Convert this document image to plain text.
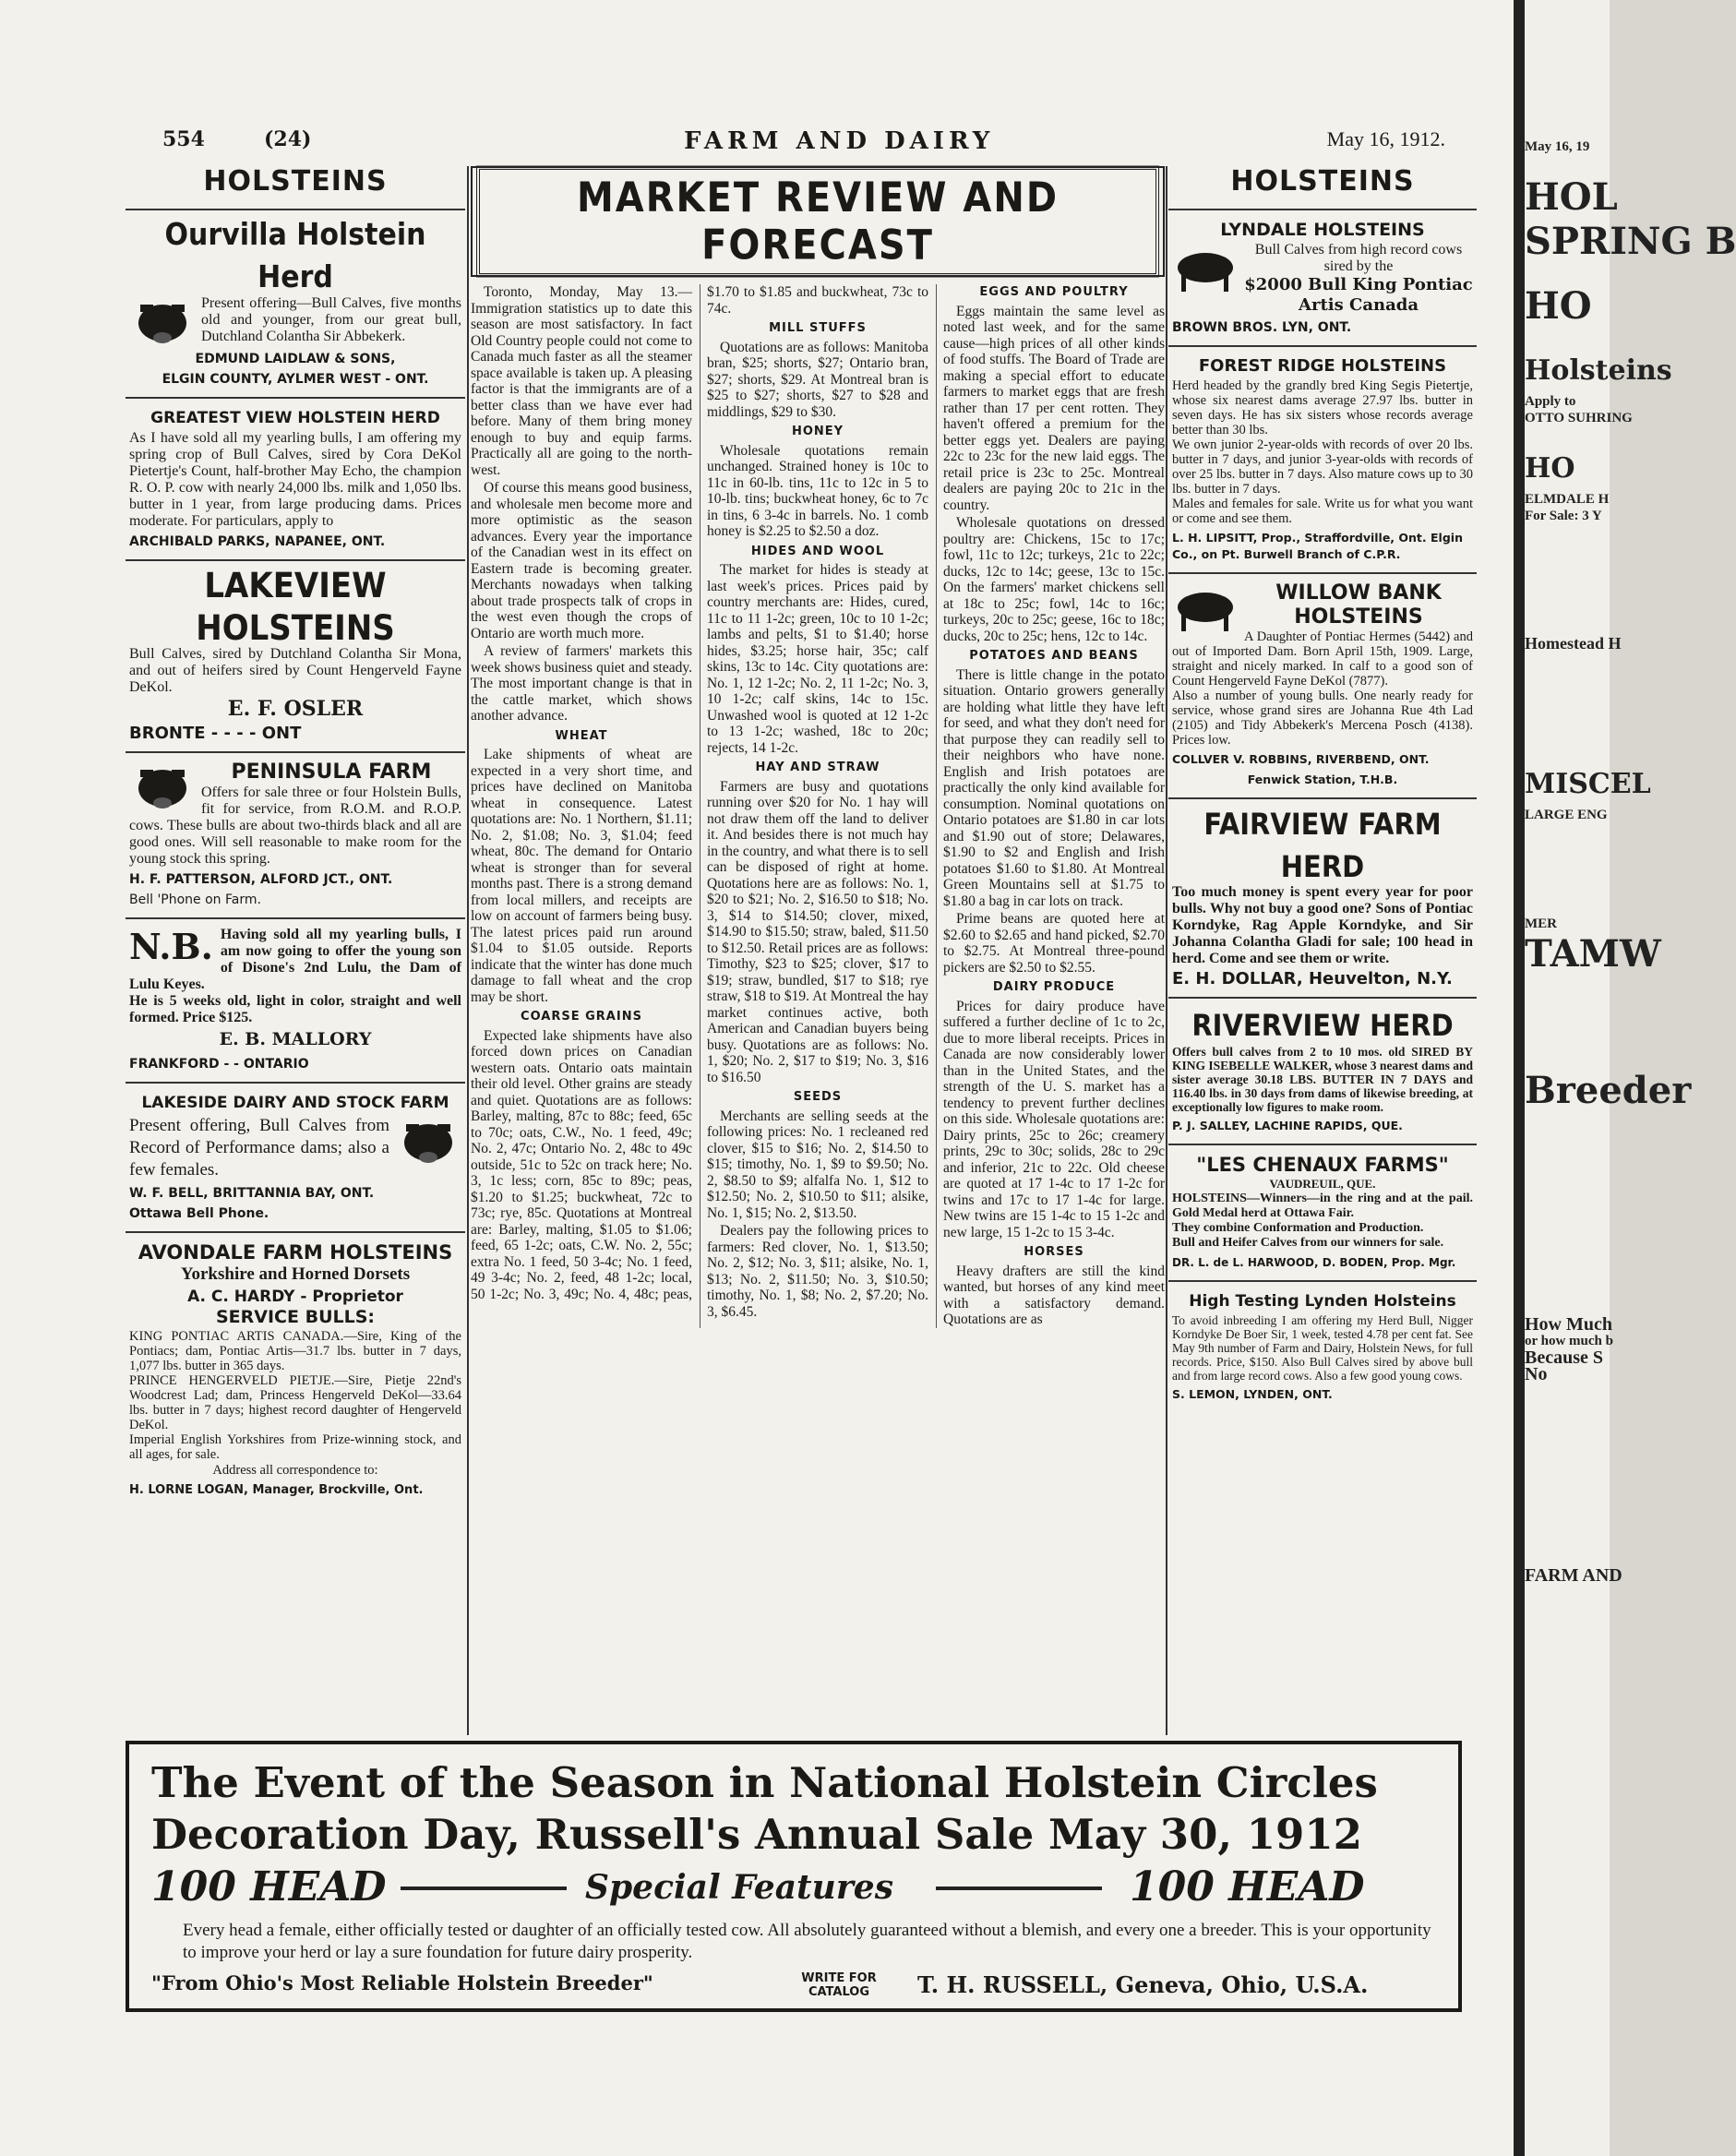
554	(24)	FARM AND DAIRY	May 16, 1912.
HOLSTEINS
Ourvilla Holstein Herd

Present offering—Bull Calves, five months old and younger, from our great bull, Dutchland Colantha Sir Abbekerk.

EDMUND LAIDLAW & SONS,
ELGIN COUNTY, AYLMER WEST - ONT.
GREATEST VIEW HOLSTEIN HERD

As I have sold all my yearling bulls, I am offering my spring crop of Bull Calves, sired by Cora DeKol Pietertje's Count, half-brother May Echo, the champion R. O. P. cow with nearly 24,000 lbs. milk and 1,050 lbs. butter in 1 year, from large producing dams. Prices moderate. For particulars, apply to

ARCHIBALD PARKS, NAPANEE, ONT.
LAKEVIEW HOLSTEINS

Bull Calves, sired by Dutchland Colantha Sir Mona, and out of heifers sired by Count Hengerveld Fayne DeKol.

E. F. OSLER
BRONTE - - - - ONT
PENINSULA FARM

Offers for sale three or four Holstein Bulls, fit for service, from R.O.M. and R.O.P. cows. These bulls are about two-thirds black and all are good ones. Will sell reasonable to make room for the young stock this spring.

H. F. PATTERSON, ALFORD JCT., ONT.
Bell 'Phone on Farm.
N.B. Having sold all my yearling bulls, I am now going to offer the young son of Disone's 2nd Lulu, the Dam of Lulu Keyes.

He is 5 weeks old, light in color, straight and well formed. Price $125.

E. B. MALLORY
FRANKFORD - - ONTARIO
LAKESIDE DAIRY AND STOCK FARM

Present offering, Bull Calves from Record of Performance dams; also a few females.

W. F. BELL, BRITTANNIA BAY, ONT.
Ottawa Bell Phone.
AVONDALE FARM HOLSTEINS
Yorkshire and Horned Dorsets
A. C. HARDY - Proprietor
SERVICE BULLS:

KING PONTIAC ARTIS CANADA.—Sire, King of the Pontiacs; dam, Pontiac Artis—31.7 lbs. butter in 7 days, 1,077 lbs. butter in 365 days.

PRINCE HENGERVELD PIETJE.—Sire, Pietje 22nd's Woodcrest Lad; dam, Princess Hengerveld DeKol—33.64 lbs. butter in 7 days; highest record daughter of Hengerveld DeKol.

Imperial English Yorkshires from Prize-winning stock, and all ages, for sale.

Address all correspondence to:

H. LORNE LOGAN, Manager, Brockville, Ont.
MARKET REVIEW AND FORECAST

Toronto, Monday, May 13.—Immigration statistics up to date this season are most satisfactory. In fact Old Country people could not come to Canada much faster as all the steamer space available is taken up. A pleasing factor is that the immigrants are of a better class than we have ever had before. Many of them bring money enough to buy and equip farms. Practically all are going to the north-west.

Of course this means good business, and wholesale men become more and more optimistic as the season advances. Every year the importance of the Canadian west in its effect on Eastern trade is becoming greater. Merchants nowadays when talking about trade prospects talk of crops in the west even though the crops of Ontario are worth much more.

A review of farmers' markets this week shows business quiet and steady. The most important change is that in the cattle market, which shows another advance.

WHEAT

Lake shipments of wheat are expected in a very short time, and prices have declined on Manitoba wheat in consequence. Latest quotations are: No. 1 Northern, $1.11; No. 2, $1.08; No. 3, $1.04; feed wheat, 80c. The demand for Ontario wheat is stronger than for several months past. There is a strong demand from local millers, and receipts are low on account of farmers being busy. The latest prices paid run around $1.04 to $1.05 outside. Reports indicate that the winter has done much damage to fall wheat and the crop may be short.

COARSE GRAINS

Expected lake shipments have also forced down prices on Canadian western oats. Ontario oats maintain their old level. Other grains are steady and quiet. Quotations are as follows: Barley, malting, 87c to 88c; feed, 65c to 70c; oats, C.W., No. 1 feed, 49c; No. 2, 47c; Ontario No. 2, 48c to 49c outside, 51c to 52c on track here; No. 3, 1c less; corn, 85c to 89c; peas, $1.20 to $1.25; buckwheat, 72c to 73c; rye, 85c. Quotations at Montreal are: Barley, malting, $1.05 to $1.06; feed, 65 1-2c; oats, C.W. No. 2, 55c; extra No. 1 feed, 50 3-4c; No. 1 feed, 49 3-4c; No. 2, feed, 48 1-2c; local, 50 1-2c; No. 3, 49c; No. 4, 48c; peas, $1.70 to $1.85 and buckwheat, 73c to 74c.

MILL STUFFS

Quotations are as follows: Manitoba bran, $25; shorts, $27; Ontario bran, $27; shorts, $29. At Montreal bran is $25 to $27; shorts, $27 to $28 and middlings, $29 to $30.

HONEY

Wholesale quotations remain unchanged. Strained honey is 10c to 11c in 60-lb. tins, 11c to 12c in 5 to 10-lb. tins; buckwheat honey, 6c to 7c in tins, 6 3-4c in barrels. No. 1 comb honey is $2.25 to $2.50 a doz.

HIDES AND WOOL

The market for hides is steady at last week's prices. Prices paid by country merchants are: Hides, cured, 11c to 11 1-2c; green, 10c to 10 1-2c; lambs and pelts, $1 to $1.40; horse hides, $3.25; horse hair, 35c; calf skins, 13c to 14c. City quotations are: No. 1, 12 1-2c; No. 2, 11 1-2c; No. 3, 10 1-2c; calf skins, 14c to 15c. Unwashed wool is quoted at 12 1-2c to 13 1-2c; washed, 18c to 20c; rejects, 14 1-2c.

HAY AND STRAW

Farmers are busy and quotations running over $20 for No. 1 hay will not draw them off the land to deliver it. And besides there is not much hay in the country, and what there is to sell can be disposed of right at home. Quotations here are as follows: No. 1, $20 to $21; No. 2, $16.50 to $18; No. 3, $14 to $14.50; clover, mixed, $14.90 to $15.50; straw, baled, $11.50 to $12.50. Retail prices are as follows: Timothy, $23 to $25; clover, $17 to $19; straw, bundled, $17 to $18; rye straw, $18 to $19. At Montreal the hay market continues active, both American and Canadian buyers being busy. Quotations are as follows: No. 1, $20; No. 2, $17 to $19; No. 3, $16 to $16.50

SEEDS

Merchants are selling seeds at the following prices: No. 1 recleaned red clover, $15 to $16; No. 2, $14.50 to $15; timothy, No. 1, $9 to $9.50; No. 2, $8.50 to $9; alfalfa No. 1, $12 to $12.50; No. 2, $10.50 to $11; alsike, No. 1, $15; No. 2, $13.50.

Dealers pay the following prices to farmers: Red clover, No. 1, $13.50; No. 2, $12; No. 3, $11; alsike, No. 1, $13; No. 2, $11.50; No. 3, $10.50; timothy, No. 1, $8; No. 2, $7.20; No. 3, $6.45.

EGGS AND POULTRY

Eggs maintain the same level as noted last week, and for the same cause—high prices of all other kinds of food stuffs. The Board of Trade are making a special effort to educate farmers to market eggs that are fresh rather than 17 per cent rotten. They haven't offered a premium for the better eggs yet. Dealers are paying 22c to 23c for the new laid eggs. The retail price is 23c to 25c. Montreal dealers are paying 20c to 21c in the country.

Wholesale quotations on dressed poultry are: Chickens, 15c to 17c; fowl, 11c to 12c; turkeys, 21c to 22c; ducks, 12c to 14c; geese, 13c to 15c. On the farmers' market chickens sell at 18c to 25c; fowl, 14c to 16c; turkeys, 20c to 25c; geese, 16c to 18c; ducks, 20c to 25c; hens, 12c to 14c.

POTATOES AND BEANS

There is little change in the potato situation. Ontario growers generally are holding what little they have left for seed, and what they don't need for that purpose they can readily sell to their neighbors who have none. English and Irish potatoes are practically the only kind available for consumption. Nominal quotations on Ontario potatoes are $1.80 in car lots and $1.90 out of store; Delawares, $1.90 to $2 and English and Irish potatoes $1.60 to $1.80. At Montreal Green Mountains sell at $1.75 to $1.80 a bag in car lots on track.

Prime beans are quoted here at $2.60 to $2.65 and hand picked, $2.70 to $2.75. At Montreal three-pound pickers are $2.50 to $2.55.

DAIRY PRODUCE

Prices for dairy produce have suffered a further decline of 1c to 2c, due to more liberal receipts. Prices in Canada are now considerably lower than in the United States, and the strength of the U. S. market has a tendency to prevent further declines on this side. Wholesale quotations are: Dairy prints, 25c to 26c; creamery prints, 29c to 30c; solids, 28c to 29c and inferior, 21c to 22c. Old cheese are quoted at 17 1-4c to 17 1-2c for twins and 17c to 17 1-4c for large. New twins are 15 1-4c to 15 1-2c and new large, 15 1-2c to 15 3-4c.

HORSES

Heavy drafters are still the kind wanted, but horses of any kind meet with a satisfactory demand. Quotations are as

HOLSTEINS
LYNDALE HOLSTEINS

Bull Calves from high record cows sired by the

$2000 Bull King Pontiac Artis Canada
BROWN BROS. LYN, ONT.
FOREST RIDGE HOLSTEINS

Herd headed by the grandly bred King Segis Pietertje, whose six nearest dams average 27.97 lbs. butter in seven days. He has six sisters whose records average better than 30 lbs.

We own junior 2-year-olds with records of over 20 lbs. butter in 7 days, and junior 3-year-olds with records of over 25 lbs. butter in 7 days. Also mature cows up to 30 lbs. butter in 7 days.

Males and females for sale. Write us for what you want or come and see them.

L. H. LIPSITT, Prop., Straffordville, Ont. Elgin Co., on Pt. Burwell Branch of C.P.R.
WILLOW BANK HOLSTEINS

A Daughter of Pontiac Hermes (5442) and out of Imported Dam. Born April 15th, 1909. Large, straight and nicely marked. In calf to a good son of Count Hengerveld Fayne DeKol (7877).

Also a number of young bulls. One nearly ready for service, whose grand sires are Johanna Rue 4th Lad (2105) and Tidy Abbekerk's Mercena Posch (4138). Prices low.

COLLVER V. ROBBINS, RIVERBEND, ONT.
Fenwick Station, T.H.B.
FAIRVIEW FARM HERD

Too much money is spent every year for poor bulls. Why not buy a good one? Sons of Pontiac Korndyke, Rag Apple Korndyke, and Sir Johanna Colantha Gladi for sale; 100 head in herd. Come and see them or write.

E. H. DOLLAR, Heuvelton, N.Y.
RIVERVIEW HERD

Offers bull calves from 2 to 10 mos. old SIRED BY KING ISEBELLE WALKER, whose 3 nearest dams and sister average 30.18 LBS. BUTTER IN 7 DAYS and 116.40 lbs. in 30 days from dams of likewise breeding, at exceptionally low figures to make room.

P. J. SALLEY, LACHINE RAPIDS, QUE.
"LES CHENAUX FARMS"
VAUDREUIL, QUE.

HOLSTEINS—Winners—in the ring and at the pail. Gold Medal herd at Ottawa Fair.

They combine Conformation and Production.

Bull and Heifer Calves from our winners for sale.

DR. L. de L. HARWOOD, D. BODEN, Prop. Mgr.
High Testing Lynden Holsteins

To avoid inbreeding I am offering my Herd Bull, Nigger Korndyke De Boer Sir, 1 week, tested 4.78 per cent fat. See May 9th number of Farm and Dairy, Holstein News, for full records. Price, $150. Also Bull Calves sired by above bull and from large record cows. Also a few good young cows.

S. LEMON, LYNDEN, ONT.
The Event of the Season in National Holstein Circles
Decoration Day, Russell's Annual Sale May 30, 1912
100 HEAD	Special Features	100 HEAD

Every head a female, either officially tested or daughter of an officially tested cow. All absolutely guaranteed without a blemish, and every one a breeder. This is your opportunity to improve your herd or lay a sure foundation for future dairy prosperity.

"From Ohio's Most Reliable Holstein Breeder"	WRITE FOR CATALOG	T. H. RUSSELL, Geneva, Ohio, U.S.A.
May 16, 19
HOL
SPRING B
HO
Holsteins
Apply to
OTTO SUHRING
HO
ELMDALE H
For Sale: 3 Y
Homestead H
MISCEL
LARGE ENG
MER
TAMW
Breeder
How Much
or how much b
Because S
No
FARM AND
